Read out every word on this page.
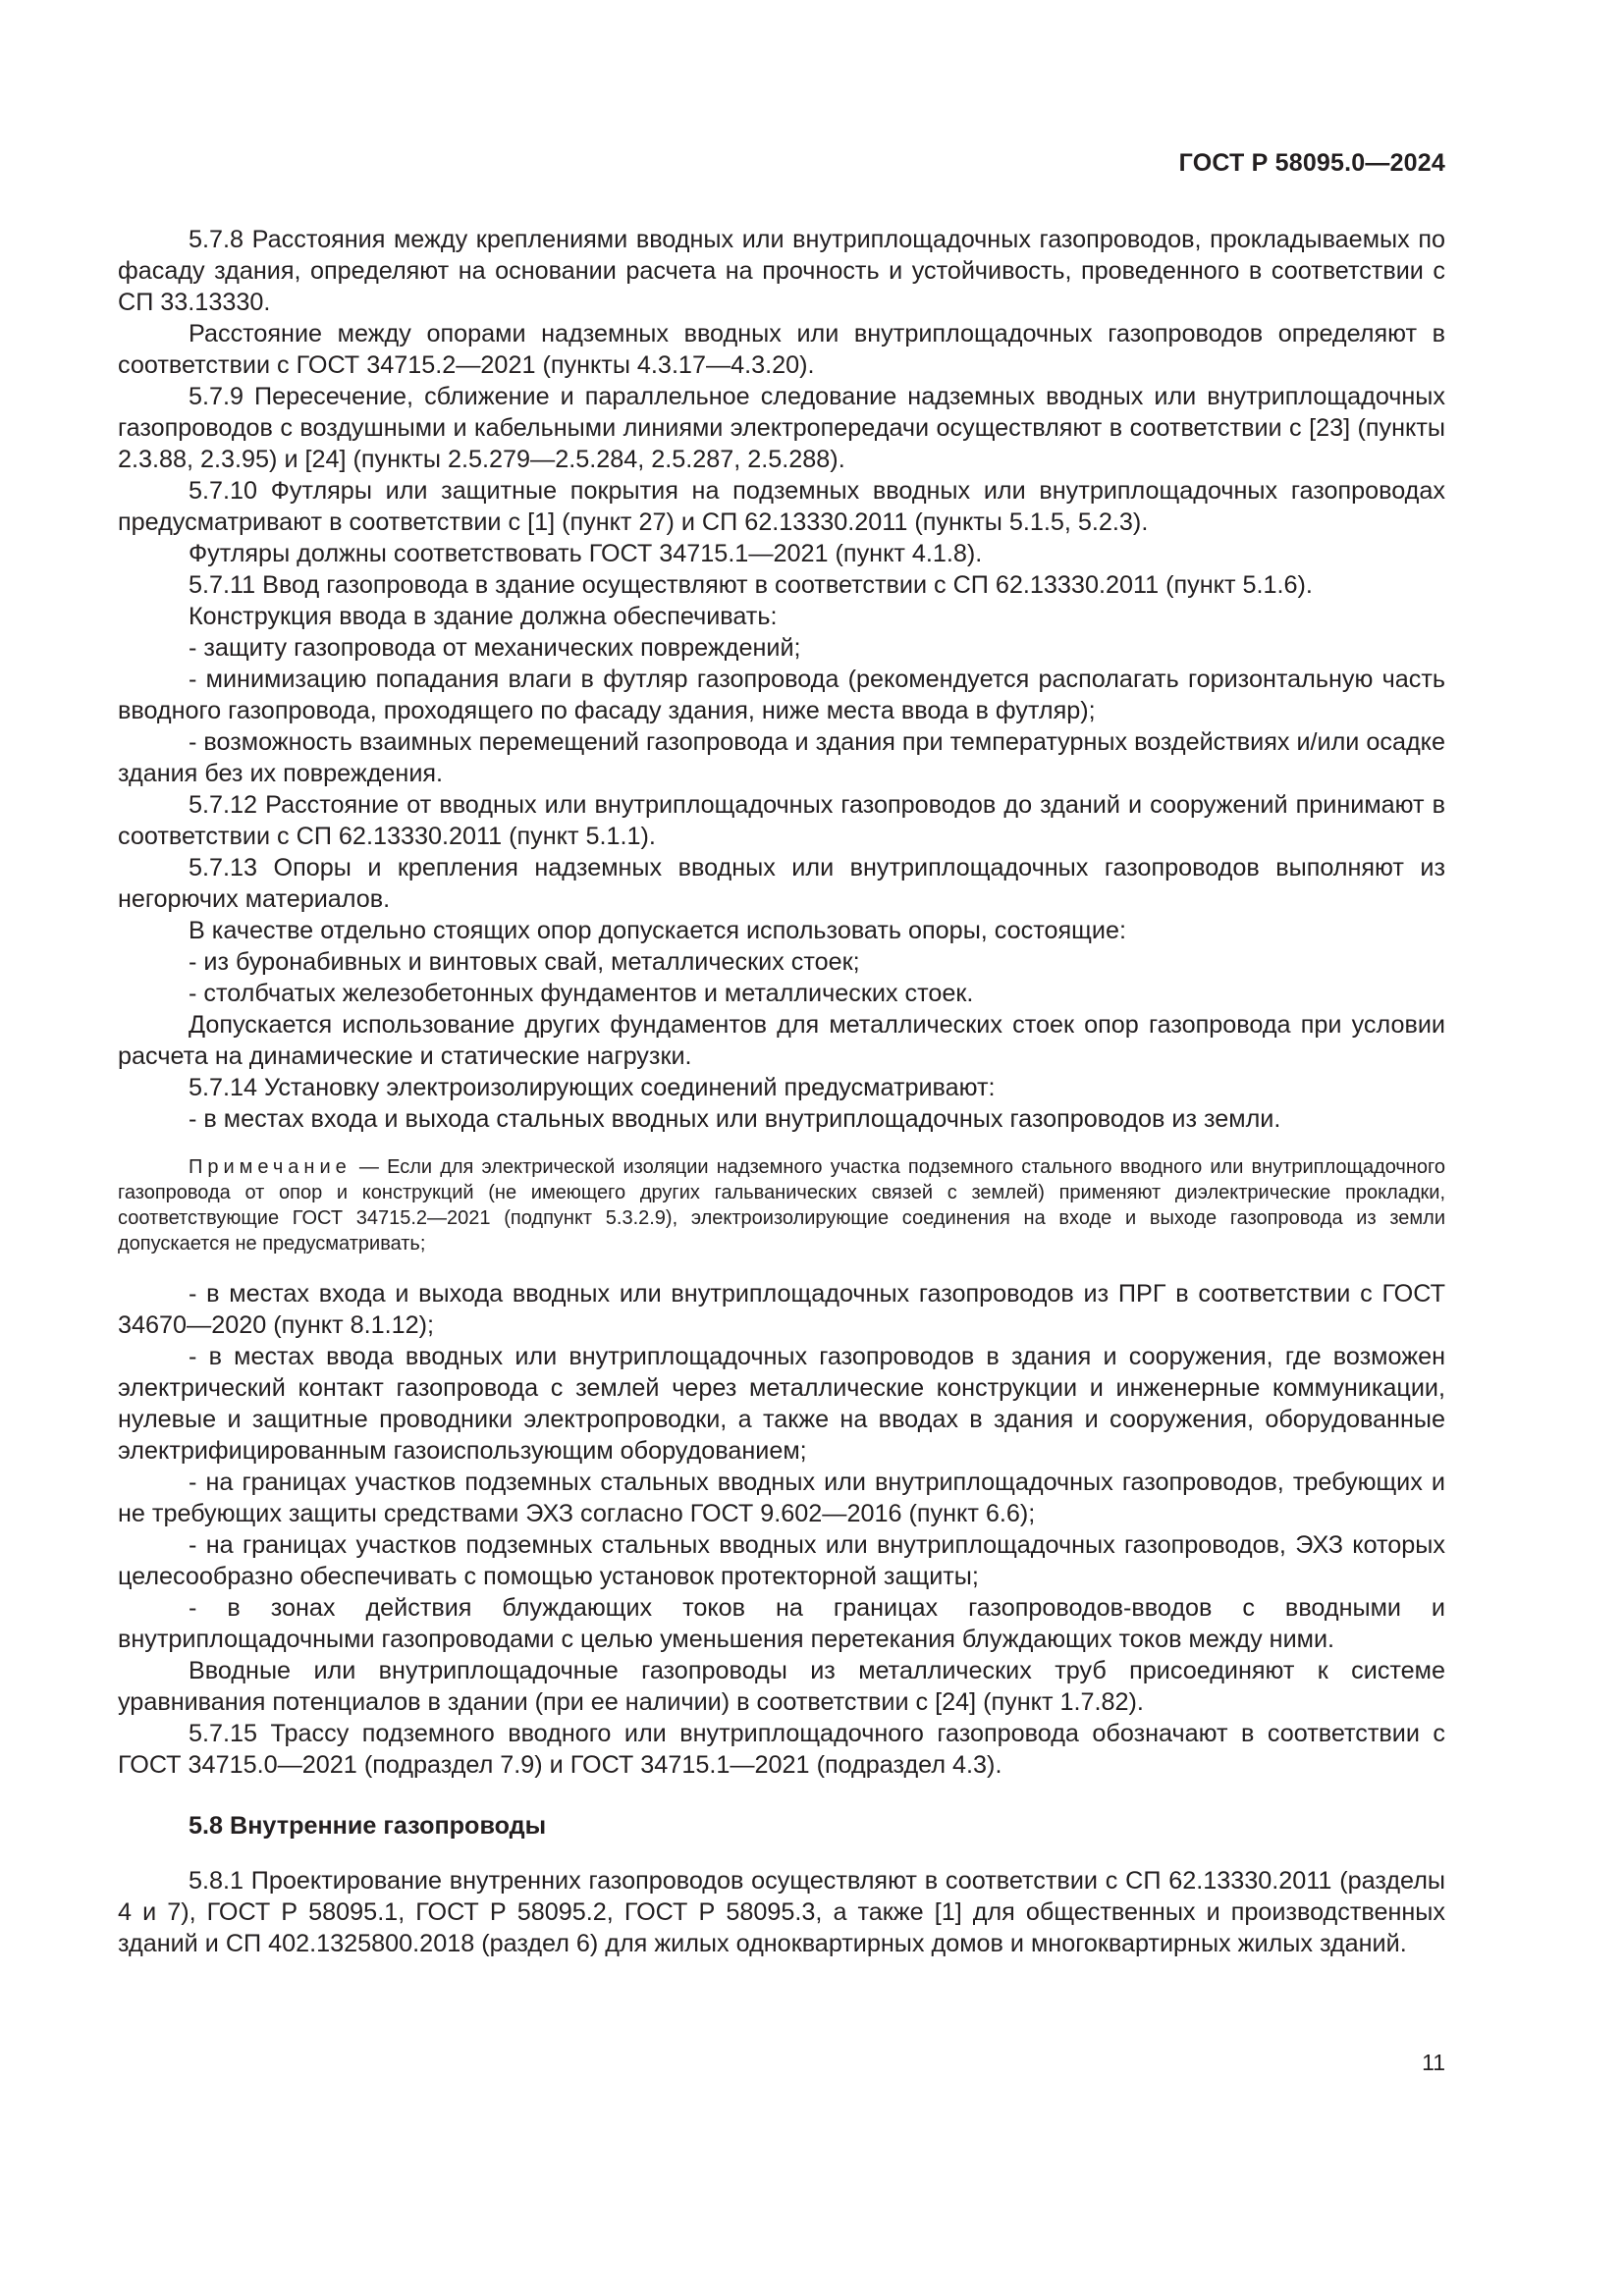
ГОСТ Р 58095.0—2024

5.7.8 Расстояния между креплениями вводных или внутриплощадочных газопроводов, прокладываемых по фасаду здания, определяют на основании расчета на прочность и устойчивость, проведенного в соответствии с СП 33.13330.

Расстояние между опорами надземных вводных или внутриплощадочных газопроводов определяют в соответствии с ГОСТ 34715.2—2021 (пункты 4.3.17—4.3.20).

5.7.9 Пересечение, сближение и параллельное следование надземных вводных или внутриплощадочных газопроводов с воздушными и кабельными линиями электропередачи осуществляют в соответствии с [23] (пункты 2.3.88, 2.3.95) и [24] (пункты 2.5.279—2.5.284, 2.5.287, 2.5.288).

5.7.10 Футляры или защитные покрытия на подземных вводных или внутриплощадочных газопроводах предусматривают в соответствии с [1] (пункт 27) и СП 62.13330.2011 (пункты 5.1.5, 5.2.3).

Футляры должны соответствовать ГОСТ 34715.1—2021 (пункт 4.1.8).

5.7.11 Ввод газопровода в здание осуществляют в соответствии с СП 62.13330.2011 (пункт 5.1.6).

Конструкция ввода в здание должна обеспечивать:

- защиту газопровода от механических повреждений;

- минимизацию попадания влаги в футляр газопровода (рекомендуется располагать горизонтальную часть вводного газопровода, проходящего по фасаду здания, ниже места ввода в футляр);

- возможность взаимных перемещений газопровода и здания при температурных воздействиях и/или осадке здания без их повреждения.

5.7.12 Расстояние от вводных или внутриплощадочных газопроводов до зданий и сооружений принимают в соответствии с СП 62.13330.2011 (пункт 5.1.1).

5.7.13 Опоры и крепления надземных вводных или внутриплощадочных газопроводов выполняют из негорючих материалов.

В качестве отдельно стоящих опор допускается использовать опоры, состоящие:

- из буронабивных и винтовых свай, металлических стоек;

- столбчатых железобетонных фундаментов и металлических стоек.

Допускается использование других фундаментов для металлических стоек опор газопровода при условии расчета на динамические и статические нагрузки.

5.7.14 Установку электроизолирующих соединений предусматривают:

- в местах входа и выхода стальных вводных или внутриплощадочных газопроводов из земли.

Примечание — Если для электрической изоляции надземного участка подземного стального вводного или внутриплощадочного газопровода от опор и конструкций (не имеющего других гальванических связей с землей) применяют диэлектрические прокладки, соответствующие ГОСТ 34715.2—2021 (подпункт 5.3.2.9), электроизолирующие соединения на входе и выходе газопровода из земли допускается не предусматривать;

- в местах входа и выхода вводных или внутриплощадочных газопроводов из ПРГ в соответствии с ГОСТ 34670—2020 (пункт 8.1.12);

- в местах ввода вводных или внутриплощадочных газопроводов в здания и сооружения, где возможен электрический контакт газопровода с землей через металлические конструкции и инженерные коммуникации, нулевые и защитные проводники электропроводки, а также на вводах в здания и сооружения, оборудованные электрифицированным газоиспользующим оборудованием;

- на границах участков подземных стальных вводных или внутриплощадочных газопроводов, требующих и не требующих защиты средствами ЭХЗ согласно ГОСТ 9.602—2016 (пункт 6.6);

- на границах участков подземных стальных вводных или внутриплощадочных газопроводов, ЭХЗ которых целесообразно обеспечивать с помощью установок протекторной защиты;

- в зонах действия блуждающих токов на границах газопроводов-вводов с вводными и внутриплощадочными газопроводами с целью уменьшения перетекания блуждающих токов между ними.

Вводные или внутриплощадочные газопроводы из металлических труб присоединяют к системе уравнивания потенциалов в здании (при ее наличии) в соответствии с [24] (пункт 1.7.82).

5.7.15 Трассу подземного вводного или внутриплощадочного газопровода обозначают в соответствии с ГОСТ 34715.0—2021 (подраздел 7.9) и ГОСТ 34715.1—2021 (подраздел 4.3).

5.8 Внутренние газопроводы

5.8.1 Проектирование внутренних газопроводов осуществляют в соответствии с СП 62.13330.2011 (разделы 4 и 7), ГОСТ Р 58095.1, ГОСТ Р 58095.2, ГОСТ Р 58095.3, а также [1] для общественных и производственных зданий и СП 402.1325800.2018 (раздел 6) для жилых одноквартирных домов и многоквартирных жилых зданий.

11
